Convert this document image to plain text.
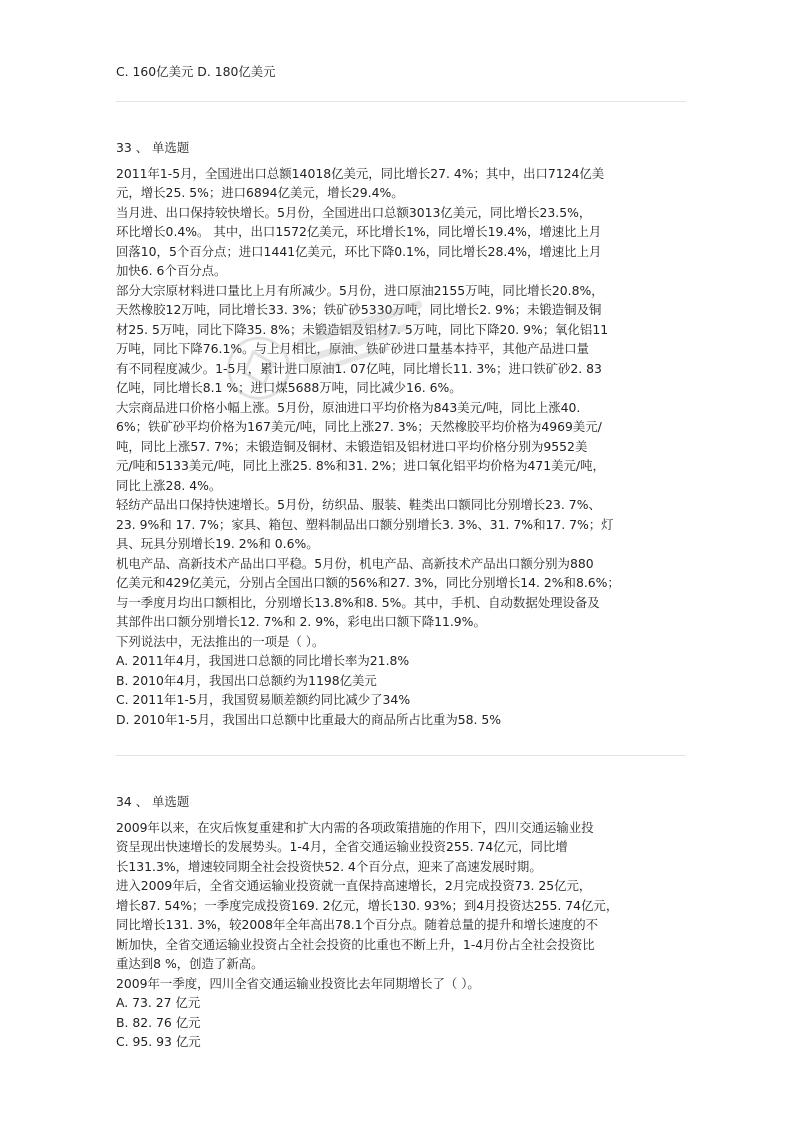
C. 160亿美元 D. 180亿美元
33 、 单选题
2011年1-5月，全国进出口总额14018亿美元，同比增长27. 4%；其中，出口7124亿美
元，增长25. 5%；进口6894亿美元，增长29.4%。
当月进、出口保持较快增长。5月份，全国进出口总额3013亿美元，同比增长23.5%，
环比增长0.4%。 其中，出口1572亿美元，环比增长1%，同比增长19.4%，增速比上月
回落10，5个百分点；进口1441亿美元，环比下降0.1%，同比增长28.4%，增速比上月
加快6. 6个百分点。
部分大宗原材料进口量比上月有所减少。5月份，进口原油2155万吨，同比增长20.8%，
天然橡胶12万吨，同比增长33. 3%；铁矿砂5330万吨，同比增长2. 9%；未锻造铜及铜
材25. 5万吨，同比下降35. 8%；未锻造铝及铝材7. 5万吨，同比下降20. 9%；氧化铝11
万吨，同比下降76.1%。与上月相比，原油、铁矿砂进口量基本持平，其他产品进口量
有不同程度减少。1-5月，累计进口原油1. 07亿吨，同比增长11. 3%；进口铁矿砂2. 83
亿吨，同比增长8.1 %；进口煤5688万吨，同比减少16. 6%。
大宗商品进口价格小幅上涨。5月份，原油进口平均价格为843美元/吨，同比上涨40.
6%；铁矿砂平均价格为167美元/吨，同比上涨27. 3%；天然橡胶平均价格为4969美元/
吨，同比上涨57. 7%；未锻造铜及铜材、未锻造铝及铝材进口平均价格分别为9552美
元/吨和5133美元/吨，同比上涨25. 8%和31. 2%；进口氧化铝平均价格为471美元/吨，
同比上涨28. 4%。
轻纺产品出口保持快速增长。5月份，纺织品、服装、鞋类出口额同比分别增长23. 7%、
23. 9%和 17. 7%；家具、箱包、塑料制品出口额分别增长3. 3%、31. 7%和17. 7%；灯
具、玩具分别增长19. 2%和 0.6%。
机电产品、高新技术产品出口平稳。5月份，机电产品、高新技术产品出口额分别为880
亿美元和429亿美元，分别占全国出口额的56%和27. 3%，同比分别增长14. 2%和8.6%；
与一季度月均出口额相比，分别增长13.8%和8. 5%。其中，手机、自动数据处理设备及
其部件出口额分别增长12. 7%和 2. 9%，彩电出口额下降11.9%。
下列说法中，无法推出的一项是（ ）。
A. 2011年4月，我国进口总额的同比增长率为21.8%
B. 2010年4月，我国出口总额约为1198亿美元
C. 2011年1-5月，我国贸易顺差额约同比减少了34%
D. 2010年1-5月，我国出口总额中比重最大的商品所占比重为58. 5%
34 、 单选题
2009年以来，在灾后恢复重建和扩大内需的各项政策措施的作用下，四川交通运输业投
资呈现出快速增长的发展势头。1-4月，全省交通运输业投资255. 74亿元，同比增
长131.3%，增速较同期全社会投资快52. 4个百分点，迎来了高速发展时期。
进入2009年后，全省交通运输业投资就一直保持高速增长，2月完成投资73. 25亿元，
增长87. 54%；一季度完成投资169. 2亿元，增长130. 93%；到4月投资达255. 74亿元，
同比增长131. 3%，较2008年全年高出78.1个百分点。随着总量的提升和增长速度的不
断加快，全省交通运输业投资占全社会投资的比重也不断上升，1-4月份占全社会投资比
重达到8 %，创造了新高。
2009年一季度，四川全省交通运输业投资比去年同期增长了（ ）。
A. 73. 27 亿元
B. 82. 76 亿元
C. 95. 93 亿元
